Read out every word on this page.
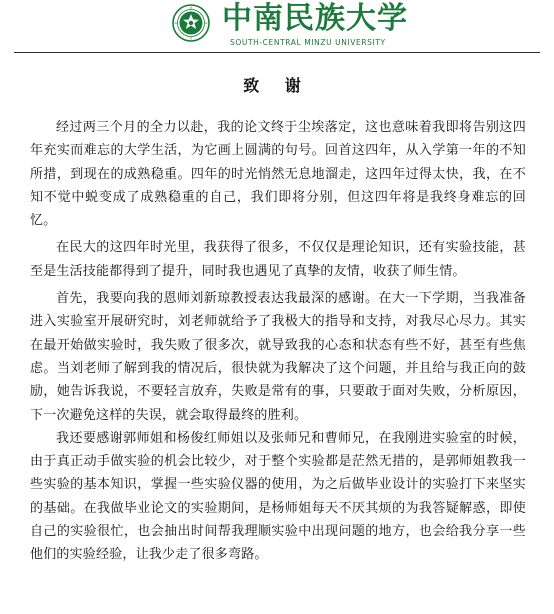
中南民族大学
SOUTH-CENTRAL MINZU UNIVERSITY
致 谢

经过两三个月的全力以赴，我的论文终于尘埃落定，这也意味着我即将告别这四年充实而难忘的大学生活，为它画上圆满的句号。回首这四年，从入学第一年的不知所措，到现在的成熟稳重。四年的时光悄然无息地溜走，这四年过得太快，我，在不知不觉中蜕变成了成熟稳重的自己，我们即将分别，但这四年将是我终身难忘的回忆。

在民大的这四年时光里，我获得了很多，不仅仅是理论知识，还有实验技能，甚至是生活技能都得到了提升，同时我也遇见了真挚的友情，收获了师生情。

首先，我要向我的恩师刘新琼教授表达我最深的感谢。在大一下学期，当我准备进入实验室开展研究时，刘老师就给予了我极大的指导和支持，对我尽心尽力。其实在最开始做实验时，我失败了很多次，就导致我的心态和状态有些不好，甚至有些焦虑。当刘老师了解到我的情况后，很快就为我解决了这个问题，并且给与我正向的鼓励，她告诉我说，不要轻言放弃，失败是常有的事，只要敢于面对失败，分析原因，下一次避免这样的失误，就会取得最终的胜利。

我还要感谢郭师姐和杨俊红师姐以及张师兄和曹师兄，在我刚进实验室的时候，由于真正动手做实验的机会比较少，对于整个实验都是茫然无措的，是郭师姐教我一些实验的基本知识，掌握一些实验仪器的使用，为之后做毕业设计的实验打下来坚实的基础。在我做毕业论文的实验期间，是杨师姐每天不厌其烦的为我答疑解惑，即使自己的实验很忙，也会抽出时间帮我理顺实验中出现问题的地方，也会给我分享一些他们的实验经验，让我少走了很多弯路。
